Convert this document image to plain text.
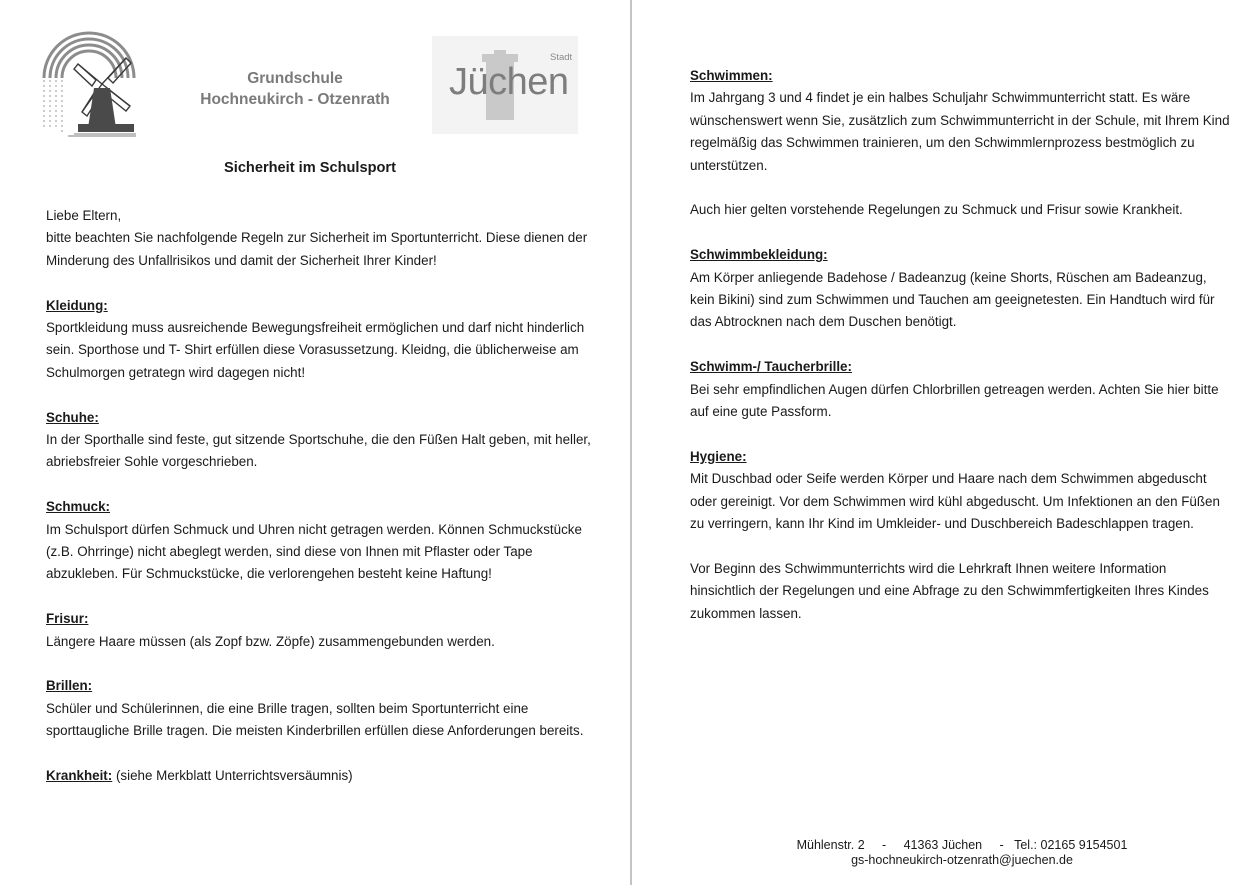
Grundschule
Hochneukirch - Otzenrath
Stadt
Jüchen
Sicherheit im Schulsport

Liebe Eltern,

bitte beachten Sie nachfolgende Regeln zur Sicherheit im Sportunterricht. Diese dienen der Minderung des Unfallrisikos und damit der Sicherheit Ihrer Kinder!

Kleidung:

Sportkleidung muss ausreichende Bewegungsfreiheit ermöglichen und darf nicht hinderlich sein. Sporthose und T- Shirt erfüllen diese Vorasussetzung. Kleidng, die üblicherweise am Schulmorgen getrategn wird dagegen nicht!

Schuhe:

In der Sporthalle sind feste, gut sitzende Sportschuhe, die den Füßen Halt geben, mit heller, abriebsfreier Sohle vorgeschrieben.

Schmuck:

Im Schulsport dürfen Schmuck und Uhren nicht getragen werden. Können Schmuckstücke (z.B. Ohrringe) nicht abeglegt werden, sind diese von Ihnen mit Pflaster oder Tape abzukleben. Für Schmuckstücke, die verlorengehen besteht keine Haftung!

Frisur:

Längere Haare müssen (als Zopf bzw. Zöpfe) zusammengebunden werden.

Brillen:

Schüler und Schülerinnen, die eine Brille tragen, sollten beim Sportunterricht eine sporttaugliche Brille tragen. Die meisten Kinderbrillen erfüllen diese Anforderungen bereits.

Krankheit: (siehe Merkblatt Unterrichtsversäumnis)

Schwimmen:

Im Jahrgang 3 und 4 findet je ein halbes Schuljahr Schwimmunterricht statt. Es wäre wünschenswert wenn Sie, zusätzlich zum Schwimmunterricht in der Schule, mit Ihrem Kind regelmäßig das Schwimmen trainieren, um den Schwimmlernprozess bestmöglich zu unterstützen.

Auch hier gelten vorstehende Regelungen zu Schmuck und Frisur sowie Krankheit.

Schwimmbekleidung:

Am Körper anliegende Badehose / Badeanzug (keine Shorts, Rüschen am Badeanzug, kein Bikini) sind zum Schwimmen und Tauchen am geeignetesten. Ein Handtuch wird für das Abtrocknen nach dem Duschen benötigt.

Schwimm-/ Taucherbrille:

Bei sehr empfindlichen Augen dürfen Chlorbrillen getreagen werden. Achten Sie hier bitte auf eine gute Passform.

Hygiene:

Mit Duschbad oder Seife werden Körper und Haare nach dem Schwimmen abgeduscht oder gereinigt. Vor dem Schwimmen wird kühl abgeduscht. Um Infektionen an den Füßen zu verringern, kann Ihr Kind im Umkleider- und Duschbereich Badeschlappen tragen.

Vor Beginn des Schwimmunterrichts wird die Lehrkraft Ihnen weitere Information hinsichtlich der Regelungen und eine Abfrage zu den Schwimmfertigkeiten Ihres Kindes zukommen lassen.

Mühlenstr. 2 - 41363 Jüchen - Tel.: 02165 9154501
gs-hochneukirch-otzenrath@juechen.de
